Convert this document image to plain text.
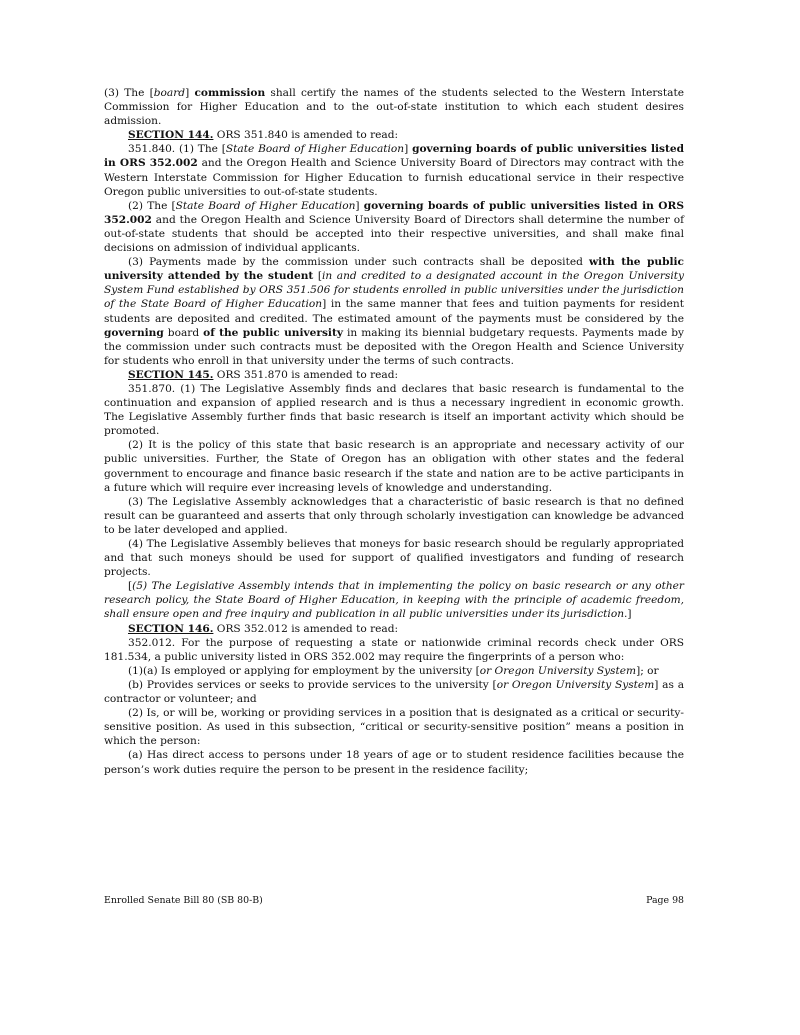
(3) The [board] commission shall certify the names of the students selected to the Western Interstate Commission for Higher Education and to the out-of-state institution to which each student desires admission.

SECTION 144. ORS 351.840 is amended to read:

351.840. (1) The [State Board of Higher Education] governing boards of public universities listed in ORS 352.002 and the Oregon Health and Science University Board of Directors may contract with the Western Interstate Commission for Higher Education to furnish educational service in their respective Oregon public universities to out-of-state students.

(2) The [State Board of Higher Education] governing boards of public universities listed in ORS 352.002 and the Oregon Health and Science University Board of Directors shall determine the number of out-of-state students that should be accepted into their respective universities, and shall make final decisions on admission of individual applicants.

(3) Payments made by the commission under such contracts shall be deposited with the public university attended by the student [in and credited to a designated account in the Oregon University System Fund established by ORS 351.506 for students enrolled in public universities under the jurisdiction of the State Board of Higher Education] in the same manner that fees and tuition payments for resident students are deposited and credited. The estimated amount of the payments must be considered by the governing board of the public university in making its biennial budgetary requests. Payments made by the commission under such contracts must be deposited with the Oregon Health and Science University for students who enroll in that university under the terms of such contracts.

SECTION 145. ORS 351.870 is amended to read:

351.870. (1) The Legislative Assembly finds and declares that basic research is fundamental to the continuation and expansion of applied research and is thus a necessary ingredient in economic growth. The Legislative Assembly further finds that basic research is itself an important activity which should be promoted.

(2) It is the policy of this state that basic research is an appropriate and necessary activity of our public universities. Further, the State of Oregon has an obligation with other states and the federal government to encourage and finance basic research if the state and nation are to be active participants in a future which will require ever increasing levels of knowledge and understanding.

(3) The Legislative Assembly acknowledges that a characteristic of basic research is that no defined result can be guaranteed and asserts that only through scholarly investigation can knowledge be advanced to be later developed and applied.

(4) The Legislative Assembly believes that moneys for basic research should be regularly appropriated and that such moneys should be used for support of qualified investigators and funding of research projects.

[(5) The Legislative Assembly intends that in implementing the policy on basic research or any other research policy, the State Board of Higher Education, in keeping with the principle of academic freedom, shall ensure open and free inquiry and publication in all public universities under its jurisdiction.]

SECTION 146. ORS 352.012 is amended to read:

352.012. For the purpose of requesting a state or nationwide criminal records check under ORS 181.534, a public university listed in ORS 352.002 may require the fingerprints of a person who:

(1)(a) Is employed or applying for employment by the university [or Oregon University System]; or

(b) Provides services or seeks to provide services to the university [or Oregon University System] as a contractor or volunteer; and

(2) Is, or will be, working or providing services in a position that is designated as a critical or security-sensitive position. As used in this subsection, “critical or security-sensitive position” means a position in which the person:

(a) Has direct access to persons under 18 years of age or to student residence facilities because the person’s work duties require the person to be present in the residence facility;

Enrolled Senate Bill 80 (SB 80-B)	Page 98
